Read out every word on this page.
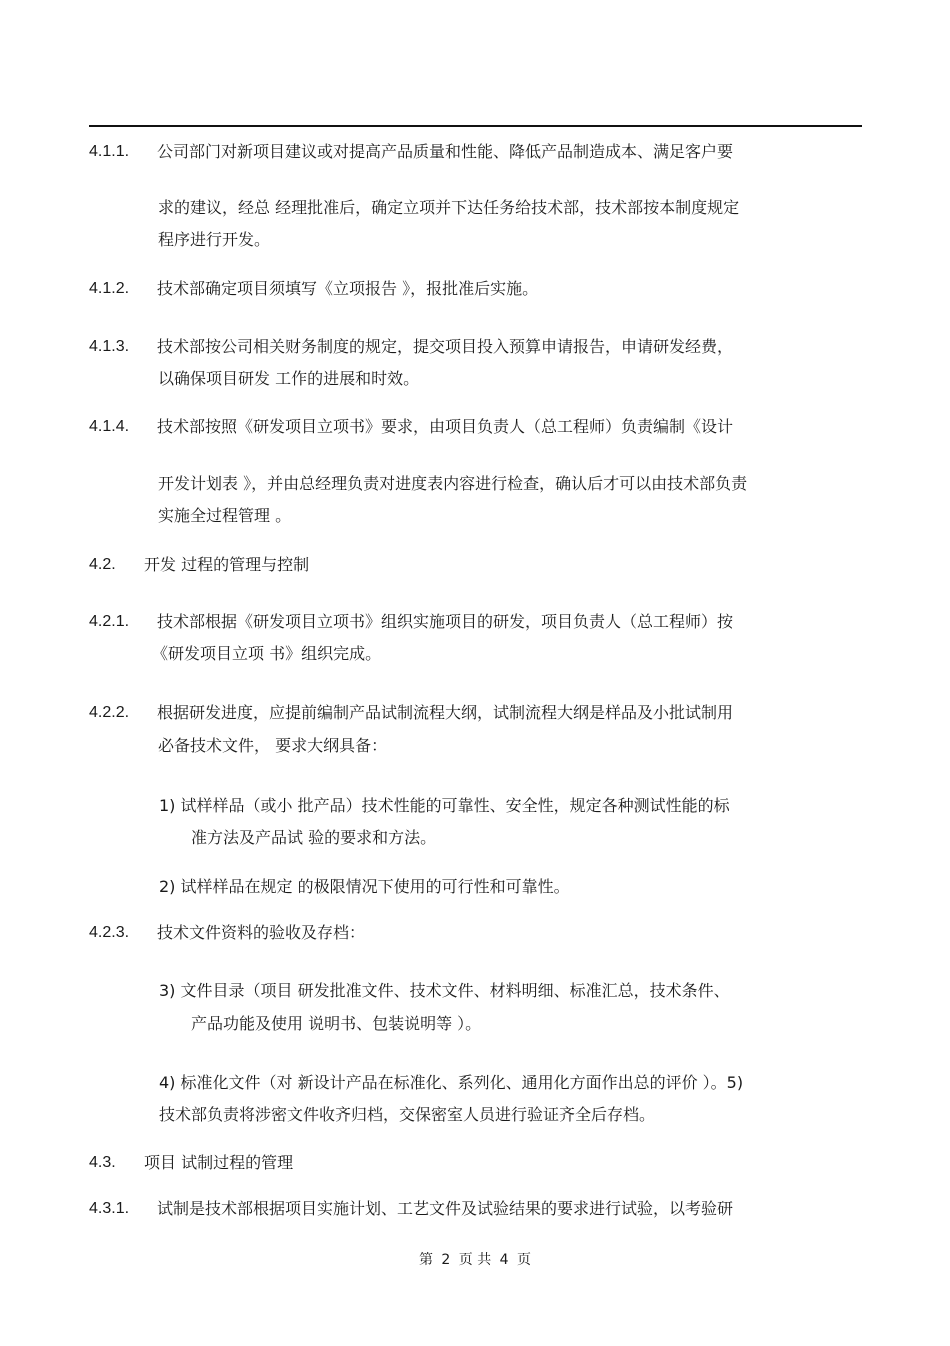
4.1.1. 公司部门对新项目建议或对提高产品质量和性能、降低产品制造成本、满足客户要
求的建议，经总 经理批准后，确定立项并下达任务给技术部，技术部按本制度规定
程序进行开发。
4.1.2. 技术部确定项目须填写《立项报告 》，报批准后实施。
4.1.3. 技术部按公司相关财务制度的规定，提交项目投入预算申请报告，申请研发经费，
以确保项目研发 工作的进展和时效。
4.1.4. 技术部按照《研发项目立项书》要求，由项目负责人（总工程师）负责编制《设计
开发计划表 》，并由总经理负责对进度表内容进行检查，确认后才可以由技术部负责
实施全过程管理 。
4.2. 开发 过程的管理与控制
4.2.1. 技术部根据《研发项目立项书》组织实施项目的研发，项目负责人（总工程师）按
《研发项目立项 书》组织完成。
4.2.2. 根据研发进度，应提前编制产品试制流程大纲，试制流程大纲是样品及小批试制用
必备技术文件， 要求大纲具备：
1) 试样样品（或小 批产品）技术性能的可靠性、安全性，规定各种测试性能的标
准方法及产品试 验的要求和方法。
2) 试样样品在规定 的极限情况下使用的可行性和可靠性。
4.2.3. 技术文件资料的验收及存档：
3) 文件目录（项目 研发批准文件、技术文件、材料明细、标准汇总，技术条件、
产品功能及使用 说明书、包装说明等 ）。
4) 标准化文件（对 新设计产品在标准化、系列化、通用化方面作出总的评价 ）。5)
技术部负责将涉密文件收齐归档，交保密室人员进行验证齐全后存档。
4.3. 项目 试制过程的管理
4.3.1. 试制是技术部根据项目实施计划、工艺文件及试验结果的要求进行试验，以考验研
第 2 页 共 4 页
